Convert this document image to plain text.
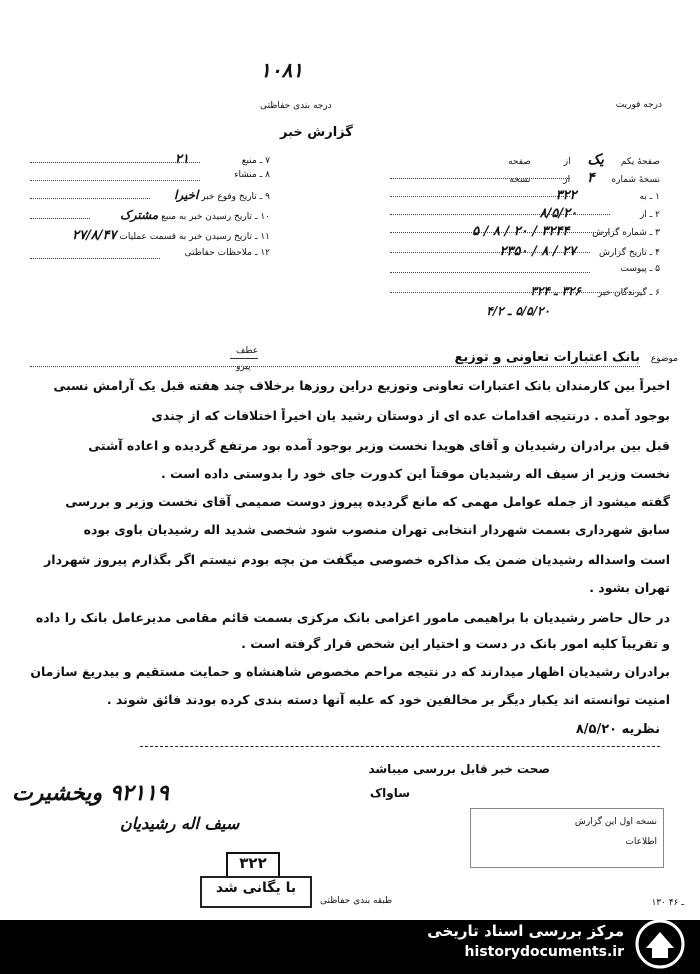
۱۰۸۱
درجه فوریت
درجه بندی حفاظتی
گزارش خبر
صفحهٔ یکم یک از صفحه
نسخهٔ شماره ۴ از نسخه
۱ ـ به ۳۲۲
۲ ـ از ۸/۵/۲۰
۳ ـ شماره گزارش ۳۲۴۴ / ۲۰ / ۸ / ۵
۴ ـ تاریخ گزارش ۲۷ / ۸ / ۲۳۵۰
۵ ـ پیوست
۶ ـ گیرندگان خبر ۳۲۶ ـ ۳۲۴
۵/۵/۲۰ ـ ۴/۲
۷ ـ منبع ۲۱
۸ ـ منشاء
۹ ـ تاریخ وقوع خبر اخیرا
۱۰ ـ تاریخ رسیدن خبر به منبع مشترک
۱۱ ـ تاریخ رسیدن خبر به قسمت عملیات ۲۷/۸/۴۷
۱۲ ـ ملاحظات حفاظتی
عطف
پیرو
موضوع
بانک اعتبارات تعاونی و توزیع
اخیراً بین کارمندان بانک اعتبارات تعاونی وتوزیع دراین روزها برخلاف چند هفته قبل یک آرامش نسبی
بوجود آمده . درنتیجه اقدامات عده ای از دوستان رشید یان اخیراً اختلافات که از چندی
قبل بین برادران رشیدیان و آقای هویدا نخست وزیر بوجود آمده بود مرتفع گردیده و اعاده آشتی
نخست وزیر از سیف اله رشیدیان موقتاً این کدورت جای خود را بدوستی داده است .
گفته میشود از جمله عوامل مهمی که مانع گردیده پیروز دوست صمیمی آقای نخست وزیر و بررسی
سابق شهرداری بسمت شهردار انتخابی تهران منصوب شود شخصی شدید اله رشیدیان باوی بوده
است واسداله رشیدیان ضمن یک مذاکره خصوصی میگفت من بچه بودم نیستم اگر بگذارم پیروز شهردار
تهران بشود .
در حال حاضر رشیدیان با براهیمی مامور اعزامی بانک مرکزی بسمت قائم مقامی مدیرعامل بانک را داده
و تقریباً کلیه امور بانک در دست و اختیار این شخص قرار گرفته است .
برادران رشیدیان اظهار میدارند که در نتیجه مراحم مخصوص شاهنشاه و حمایت مستقیم و بیدریغ سازمان
امنیت توانسته اند یکبار دیگر بر مخالفین خود که علیه آنها دسته بندی کرده بودند فائق شوند .
نظریه ۸/۵/۲۰
صحت خبر قابل بررسی میباشد
ساواک
۹۲۱۱۹ ویخشیرت
سیف اله رشیدیان	نسخه اول این گزارش
اطلاعات
۳۲۲
با یگانی شد
طبقه بندی حفاظتی	۱۳۰ ـ ۴۶
مرکز بررسی اسناد تاریخی
historydocuments.ir
